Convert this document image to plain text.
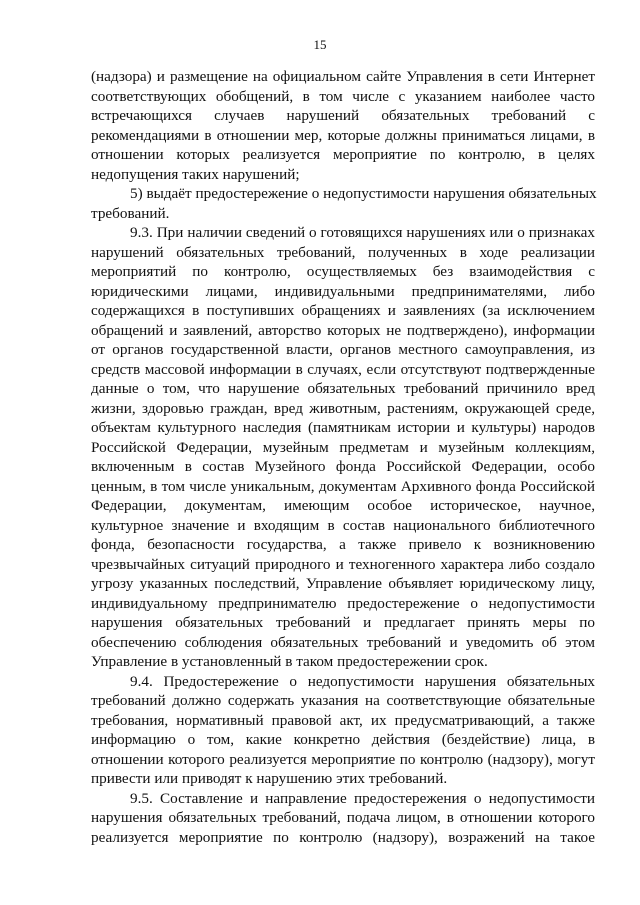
15
(надзора) и размещение на официальном сайте Управления в сети Интернет
соответствующих обобщений, в том числе с указанием наиболее часто
встречающихся случаев нарушений обязательных требований с
рекомендациями в отношении мер, которые должны приниматься лицами, в
отношении которых реализуется мероприятие по контролю, в целях
недопущения таких нарушений;
5) выдаёт предостережение о недопустимости нарушения обязательных
требований.
9.3. При наличии сведений о готовящихся нарушениях или о признаках
нарушений обязательных требований, полученных в ходе реализации
мероприятий по контролю, осуществляемых без взаимодействия с
юридическими лицами, индивидуальными предпринимателями, либо
содержащихся в поступивших обращениях и заявлениях (за исключением
обращений и заявлений, авторство которых не подтверждено), информации
от органов государственной власти, органов местного самоуправления, из
средств массовой информации в случаях, если отсутствуют подтвержденные
данные о том, что нарушение обязательных требований причинило вред
жизни, здоровью граждан, вред животным, растениям, окружающей среде,
объектам культурного наследия (памятникам истории и культуры) народов
Российской Федерации, музейным предметам и музейным коллекциям,
включенным в состав Музейного фонда Российской Федерации, особо
ценным, в том числе уникальным, документам Архивного фонда Российской
Федерации, документам, имеющим особое историческое, научное,
культурное значение и входящим в состав национального библиотечного
фонда, безопасности государства, а также привело к возникновению
чрезвычайных ситуаций природного и техногенного характера либо создало
угрозу указанных последствий, Управление объявляет юридическому лицу,
индивидуальному предпринимателю предостережение о недопустимости
нарушения обязательных требований и предлагает принять меры по
обеспечению соблюдения обязательных требований и уведомить об этом
Управление в установленный в таком предостережении срок.
9.4. Предостережение о недопустимости нарушения обязательных
требований должно содержать указания на соответствующие обязательные
требования, нормативный правовой акт, их предусматривающий, а также
информацию о том, какие конкретно действия (бездействие) лица, в
отношении которого реализуется мероприятие по контролю (надзору), могут
привести или приводят к нарушению этих требований.
9.5. Составление и направление предостережения о недопустимости
нарушения обязательных требований, подача лицом, в отношении которого
реализуется мероприятие по контролю (надзору), возражений на такое
